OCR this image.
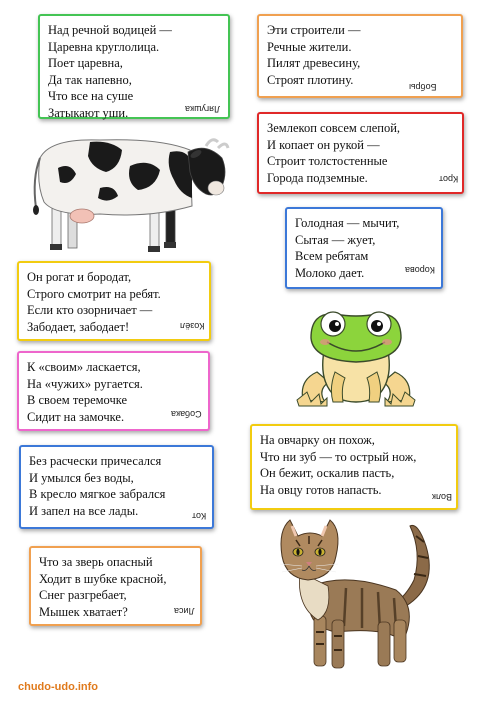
Над речной водицей —
Царевна круглолица.
Поет царевна,
Да так напевно,
Что все на суше
Затыкают уши.	Лягушка
Эти строители —
Речные жители.
Пилят древесину,
Строят плотину.
Бобры
Землекоп совсем слепой,
И копает он рукой —
Строит толстостенные
Города подземные.	Крот
Голодная — мычит,
Сытая — жует,
Всем ребятам
Молоко дает.	Корова
Он рогат и бородат,
Строго смотрит на ребят.
Если кто озорничает —
Забодает, забодает!	Козёл
К «своим» ласкается,
На «чужих» ругается.
В своем теремочке
Сидит на замочке.	Собака
На овчарку он похож,
Что ни зуб — то острый нож,
Он бежит, оскалив пасть,
На овцу готов напасть.
Волк
Без расчески причесался
И умылся без воды,
В кресло мягкое забрался
И запел на все лады.	Кот
Что за зверь опасный
Ходит в шубке красной,
Снег разгребает,
Мышек хватает?	Лиса
chudo-udo.info
